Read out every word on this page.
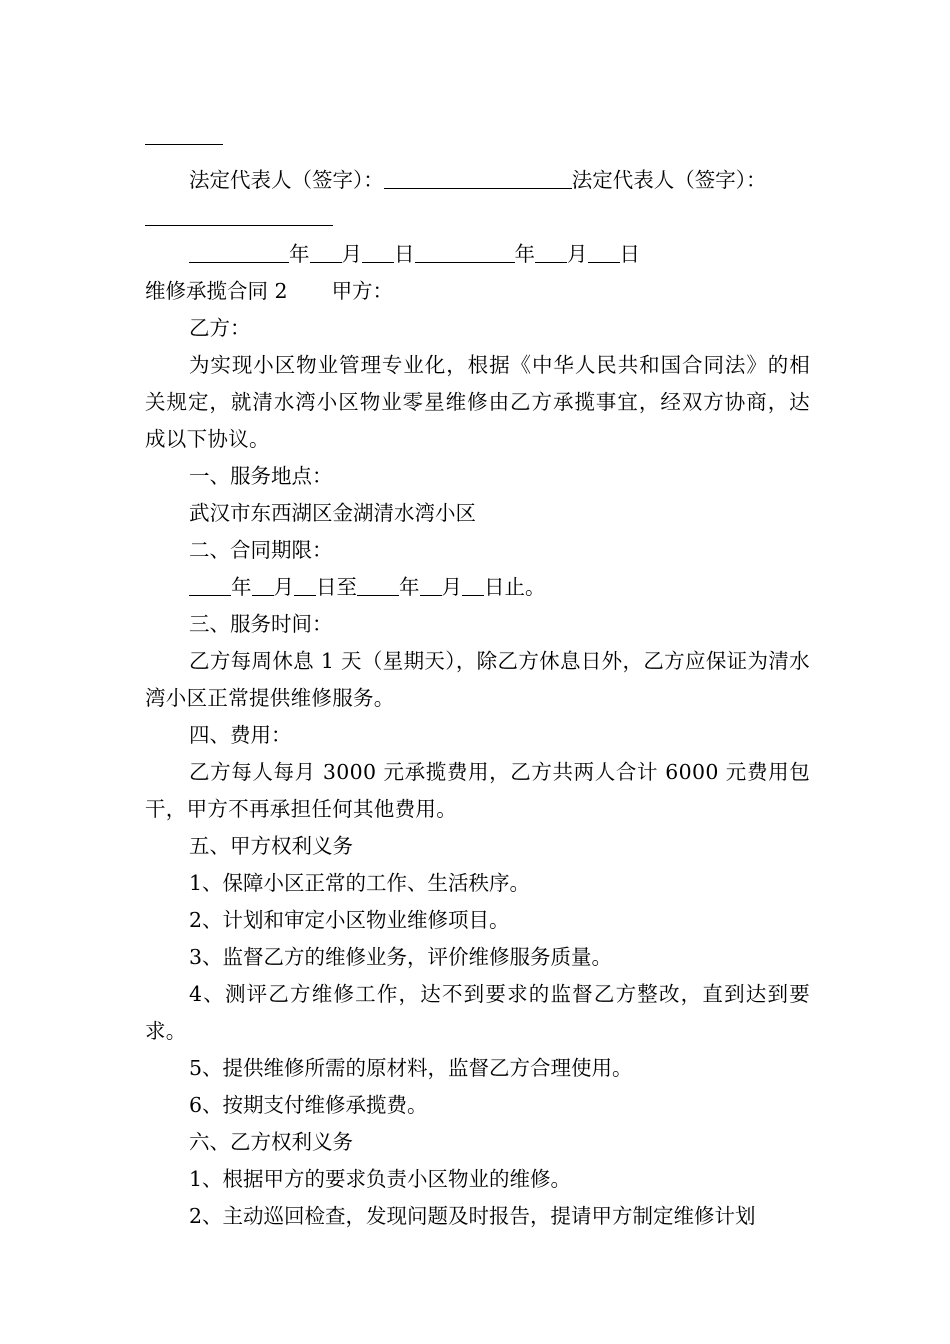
法定代表人（签字）：	法定代表人（签字）：
年 月 日	年 月 日
维修承揽合同 2 甲方：
乙方：
为实现小区物业管理专业化，根据《中华人民共和国合同法》的相关规定，就清水湾小区物业零星维修由乙方承揽事宜，经双方协商，达成以下协议。
一、服务地点：
武汉市东西湖区金湖清水湾小区
二、合同期限：
年 月 日至 年 月 日止。
三、服务时间：
乙方每周休息 1 天（星期天），除乙方休息日外，乙方应保证为清水湾小区正常提供维修服务。
四、费用：
乙方每人每月 3000 元承揽费用，乙方共两人合计 6000 元费用包干，甲方不再承担任何其他费用。
五、甲方权利义务
1、保障小区正常的工作、生活秩序。
2、计划和审定小区物业维修项目。
3、监督乙方的维修业务，评价维修服务质量。
4、测评乙方维修工作，达不到要求的监督乙方整改，直到达到要求。
5、提供维修所需的原材料，监督乙方合理使用。
6、按期支付维修承揽费。
六、乙方权利义务
1、根据甲方的要求负责小区物业的维修。
2、主动巡回检查，发现问题及时报告，提请甲方制定维修计划
